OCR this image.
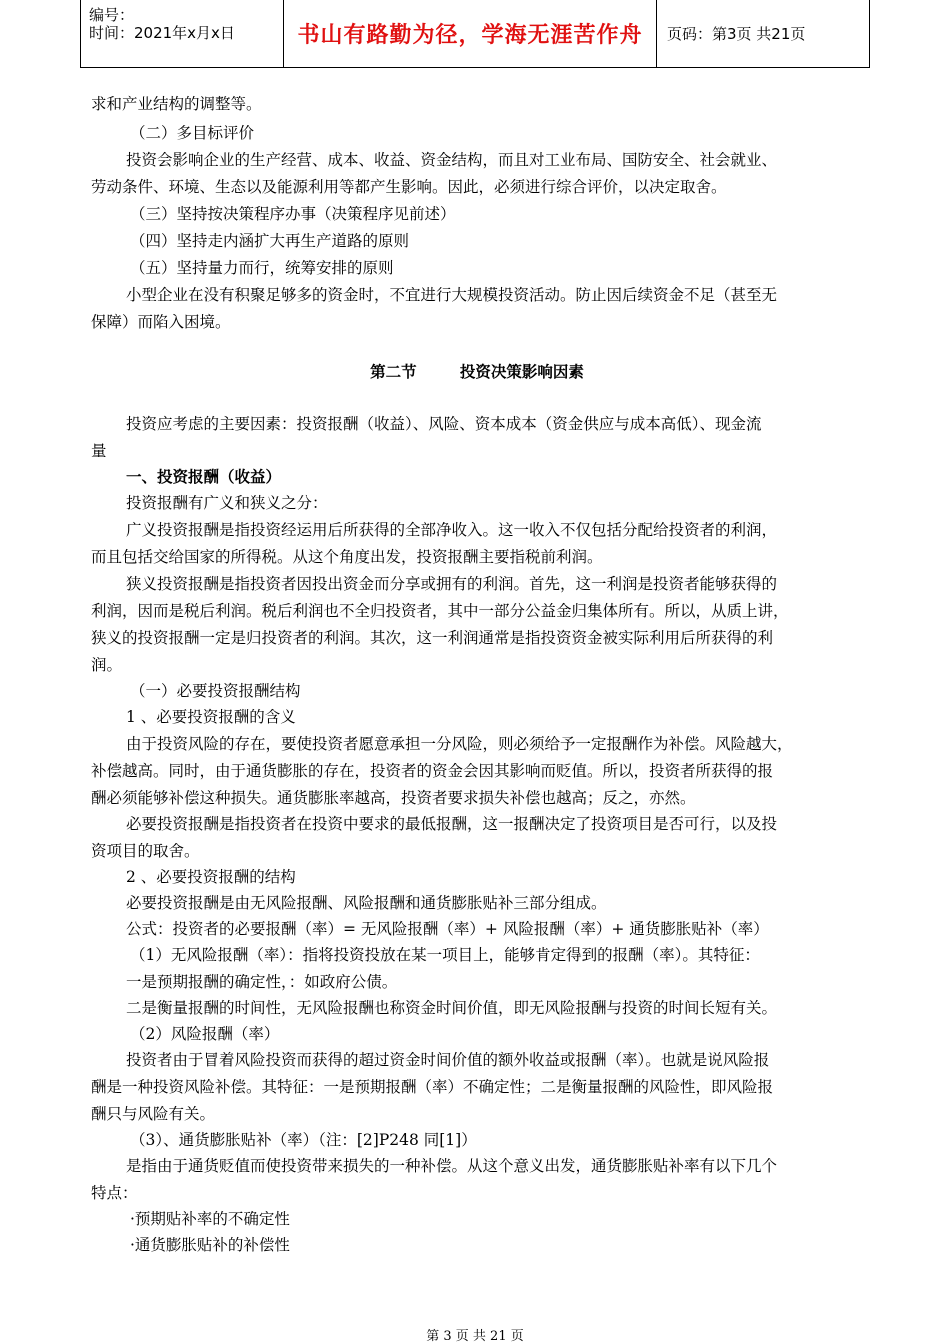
编号：
时间：2021年x月x日	书山有路勤为径，学海无涯苦作舟	页码：第3页 共21页
求和产业结构的调整等。
（二）多目标评价
投资会影响企业的生产经营、成本、收益、资金结构，而且对工业布局、国防安全、社会就业、
劳动条件、环境、生态以及能源利用等都产生影响。因此，必须进行综合评价，以决定取舍。
（三）坚持按决策程序办事（决策程序见前述）
（四）坚持走内涵扩大再生产道路的原则
（五）坚持量力而行，统筹安排的原则
小型企业在没有积聚足够多的资金时，不宜进行大规模投资活动。防止因后续资金不足（甚至无
保障）而陷入困境。
第二节        投资决策影响因素
投资应考虑的主要因素：投资报酬（收益）、风险、资本成本（资金供应与成本高低）、现金流
量
一、投资报酬（收益）
投资报酬有广义和狭义之分：
广义投资报酬是指投资经运用后所获得的全部净收入。这一收入不仅包括分配给投资者的利润，
而且包括交给国家的所得税。从这个角度出发，投资报酬主要指税前利润。
狭义投资报酬是指投资者因投出资金而分享或拥有的利润。首先，这一利润是投资者能够获得的
利润，因而是税后利润。税后利润也不全归投资者，其中一部分公益金归集体所有。所以，从质上讲，
狭义的投资报酬一定是归投资者的利润。其次，这一利润通常是指投资资金被实际利用后所获得的利
润。
（一）必要投资报酬结构
1 、必要投资报酬的含义
由于投资风险的存在，要使投资者愿意承担一分风险，则必须给予一定报酬作为补偿。风险越大，
补偿越高。同时，由于通货膨胀的存在，投资者的资金会因其影响而贬值。所以，投资者所获得的报
酬必须能够补偿这种损失。通货膨胀率越高，投资者要求损失补偿也越高；反之，亦然。
必要投资报酬是指投资者在投资中要求的最低报酬，这一报酬决定了投资项目是否可行，以及投
资项目的取舍。
2 、必要投资报酬的结构
必要投资报酬是由无风险报酬、风险报酬和通货膨胀贴补三部分组成。
公式：投资者的必要报酬（率）= 无风险报酬（率）+ 风险报酬（率）+ 通货膨胀贴补（率）
（1）无风险报酬（率）：指将投资投放在某一项目上，能够肯定得到的报酬（率）。其特征：
一是预期报酬的确定性，：如政府公债。
二是衡量报酬的时间性，无风险报酬也称资金时间价值，即无风险报酬与投资的时间长短有关。
（2）风险报酬（率）
投资者由于冒着风险投资而获得的超过资金时间价值的额外收益或报酬（率）。也就是说风险报
酬是一种投资风险补偿。其特征：一是预期报酬（率）不确定性；二是衡量报酬的风险性，即风险报
酬只与风险有关。
（3）、通货膨胀贴补（率）（注：[2]P248 同[1]）
是指由于通货贬值而使投资带来损失的一种补偿。从这个意义出发，通货膨胀贴补率有以下几个
特点：
·预期贴补率的不确定性
·通货膨胀贴补的补偿性
第 3 页 共 21 页
